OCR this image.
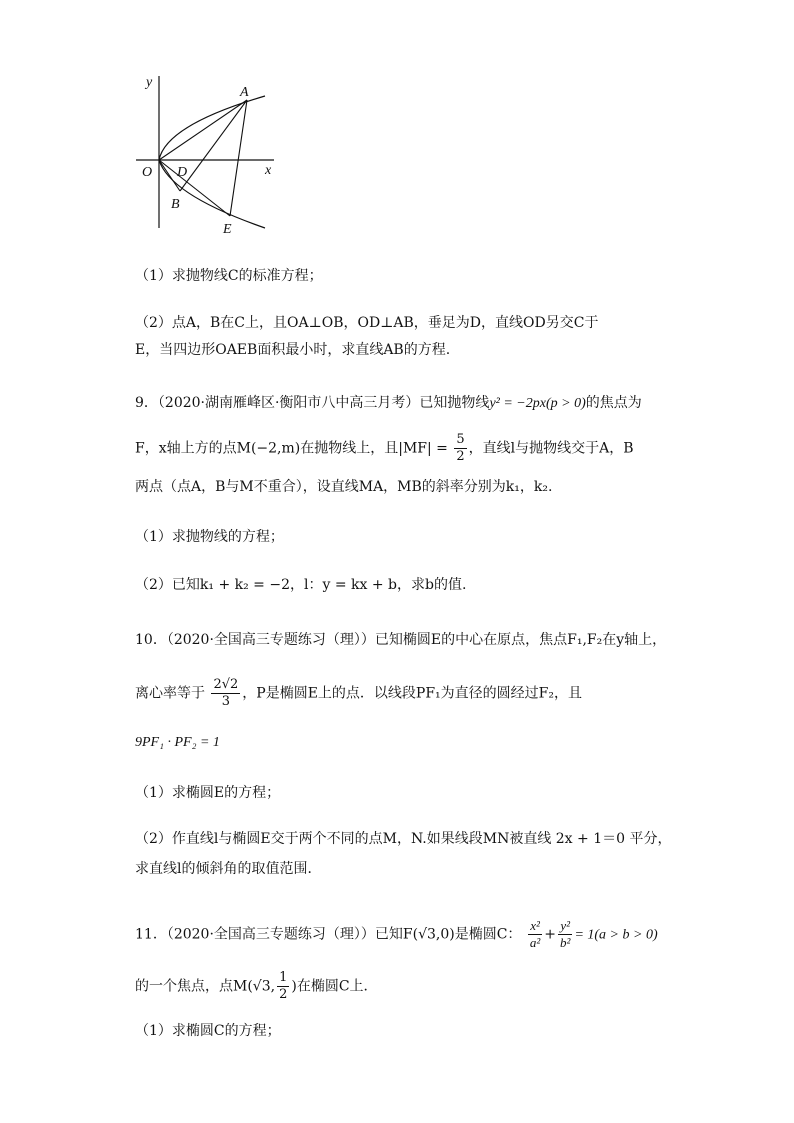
y
x
O
A
D
B
E
（1）求抛物线C的标准方程；
（2）点A，B在C上，且OA⊥OB，OD⊥AB，垂足为D，直线OD另交C于
E，当四边形OAEB面积最小时，求直线AB的方程.
9．（2020·湖南雁峰区·衡阳市八中高三月考）已知抛物线y² = −2px(p > 0)的焦点为
F，x轴上方的点M(−2,m)在抛物线上，且$|MF| = \frac{5}{2}$ ，直线l与抛物线交于A，B
两点（点A，B与M不重合），设直线MA，MB的斜率分别为k₁，k₂.
（1）求抛物线的方程；
（2）已知k₁ + k₂ = −2，l：y = kx + b，求b的值.
10．（2020·全国高三专题练习（理））已知椭圆E的中心在原点，焦点F₁,F₂在y轴上，
离心率等于 $\frac{2√2}{3}$ ，P是椭圆E上的点．以线段PF₁为直径的圆经过F₂，且
9PF₁ · PF₂ = 1
（1）求椭圆E的方程；
（2）作直线l与椭圆E交于两个不同的点M，N.如果线段MN被直线 2x + 1＝0 平分，
求直线l的倾斜角的取值范围．
11．（2020·全国高三专题练习（理））已知F(√3,0)是椭圆C： $\frac{\text{x²}}{\text{a²}} + \frac{\text{y²}}{\text{b²}} = 1(a > b > 0)$
的一个焦点，点M(√3, $\frac{1}{2}$ )在椭圆C上．
（1）求椭圆C的方程；
